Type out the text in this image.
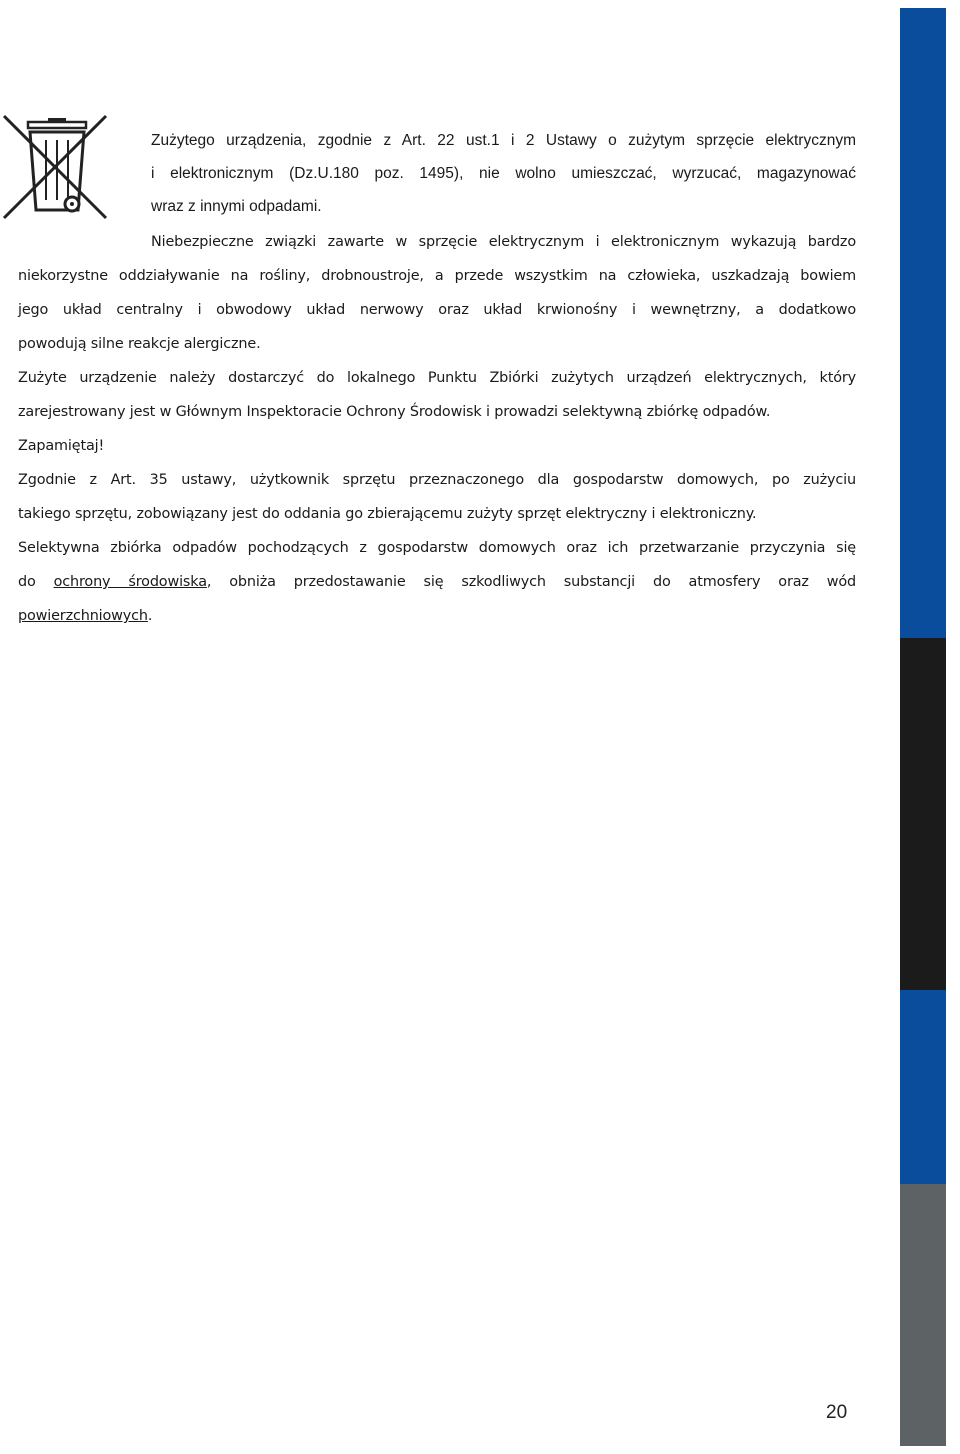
Zużytego urządzenia, zgodnie z Art. 22 ust.1 i 2 Ustawy o zużytym sprzęcie elektrycznym
i elektronicznym (Dz.U.180 poz. 1495), nie wolno umieszczać, wyrzucać, magazynować
wraz z innymi odpadami.
Niebezpieczne związki zawarte w sprzęcie elektrycznym i elektronicznym wykazują bardzo
niekorzystne oddziaływanie na rośliny, drobnoustroje, a przede wszystkim na człowieka, uszkadzają bowiem
jego układ centralny i obwodowy układ nerwowy oraz układ krwionośny i wewnętrzny, a dodatkowo
powodują silne reakcje alergiczne.
Zużyte urządzenie należy dostarczyć do lokalnego Punktu Zbiórki zużytych urządzeń elektrycznych, który
zarejestrowany jest w Głównym Inspektoracie Ochrony Środowisk i prowadzi selektywną zbiórkę odpadów.
Zapamiętaj!
Zgodnie z Art. 35 ustawy, użytkownik sprzętu przeznaczonego dla gospodarstw domowych, po zużyciu
takiego sprzętu, zobowiązany jest do oddania go zbierającemu zużyty sprzęt elektryczny i elektroniczny.
Selektywna zbiórka odpadów pochodzących z gospodarstw domowych oraz ich przetwarzanie przyczynia się
do ochrony środowiska, obniża przedostawanie się szkodliwych substancji do atmosfery oraz wód
powierzchniowych.
20
